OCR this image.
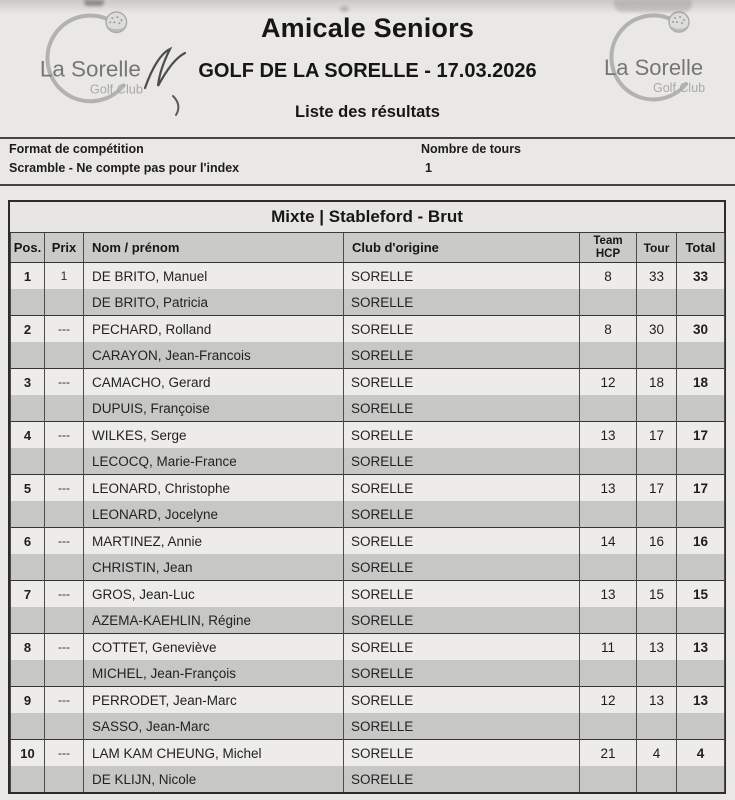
La Sorelle
Golf Club
La Sorelle
Golf Club
Amicale Seniors
GOLF DE LA SORELLE - 17.03.2026
Liste des résultats
Format de compétition
Scramble - Ne compte pas pour l'index
Nombre de tours
1
Mixte | Stableford - Brut
Pos.	Prix	Nom / prénom	Club d'origine	Team HCP	Tour	Total
1	1	DE BRITO, Manuel	SORELLE	8	33	33
		DE BRITO, Patricia	SORELLE			
2	---	PECHARD, Rolland	SORELLE	8	30	30
		CARAYON, Jean-Francois	SORELLE			
3	---	CAMACHO, Gerard	SORELLE	12	18	18
		DUPUIS, Françoise	SORELLE			
4	---	WILKES, Serge	SORELLE	13	17	17
		LECOCQ, Marie-France	SORELLE			
5	---	LEONARD, Christophe	SORELLE	13	17	17
		LEONARD, Jocelyne	SORELLE			
6	---	MARTINEZ, Annie	SORELLE	14	16	16
		CHRISTIN, Jean	SORELLE			
7	---	GROS, Jean-Luc	SORELLE	13	15	15
		AZEMA-KAEHLIN, Régine	SORELLE			
8	---	COTTET, Geneviève	SORELLE	11	13	13
		MICHEL, Jean-François	SORELLE			
9	---	PERRODET, Jean-Marc	SORELLE	12	13	13
		SASSO, Jean-Marc	SORELLE			
10	---	LAM KAM CHEUNG, Michel	SORELLE	21	4	4
		DE KLIJN, Nicole	SORELLE			
